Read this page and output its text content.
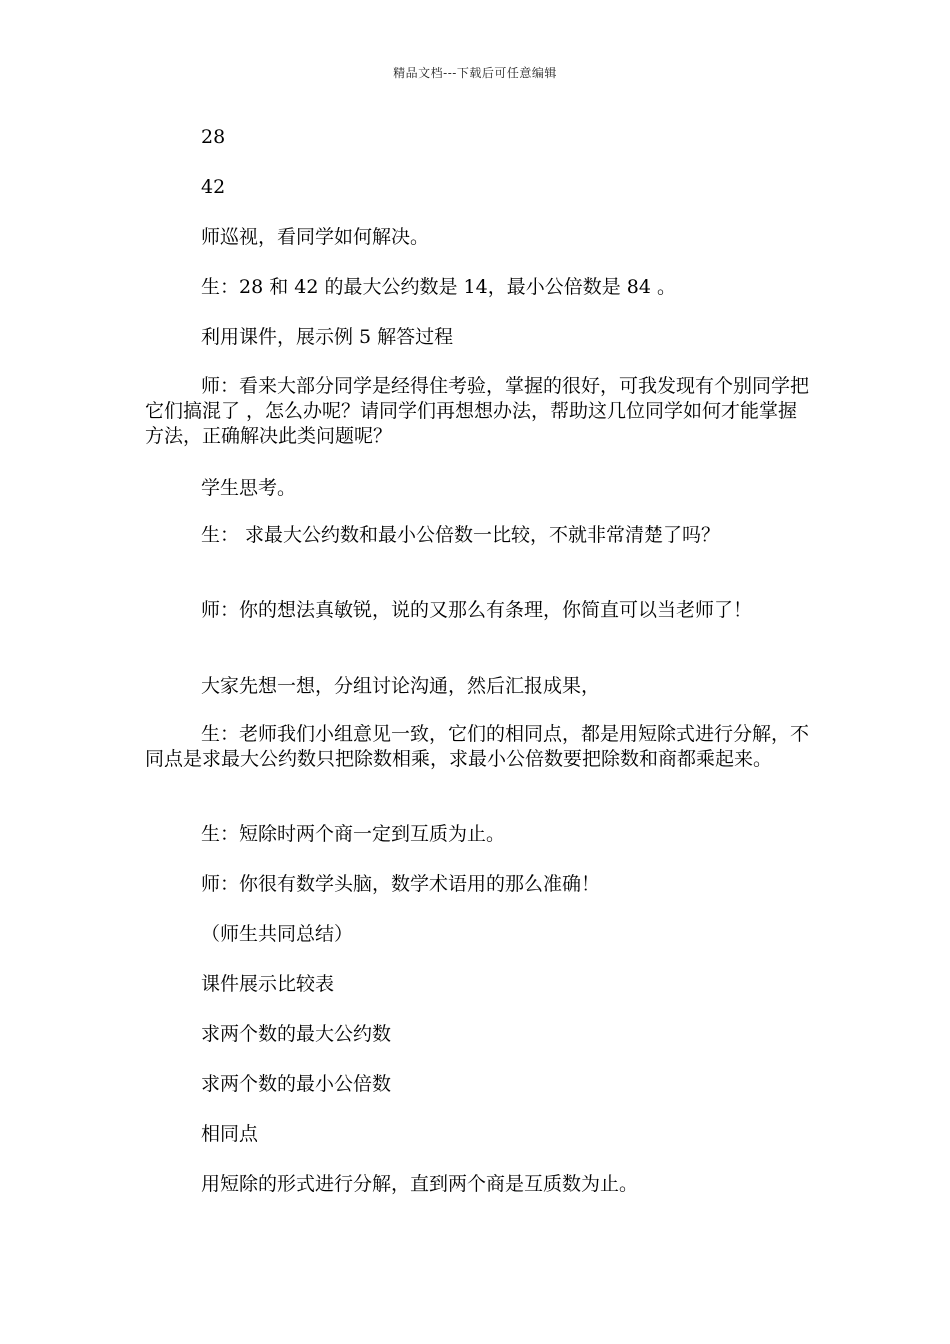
精品文档---下载后可任意编辑
28
42
师巡视，看同学如何解决。
生：28 和 42 的最大公约数是 14，最小公倍数是 84 。
利用课件，展示例 5 解答过程
师：看来大部分同学是经得住考验，掌握的很好，可我发现有个别同学把它们搞混了 ，怎么办呢？请同学们再想想办法，帮助这几位同学如何才能掌握方法，正确解决此类问题呢？
学生思考。
生： 求最大公约数和最小公倍数一比较，不就非常清楚了吗？
师：你的想法真敏锐，说的又那么有条理，你简直可以当老师了！
大家先想一想，分组讨论沟通，然后汇报成果，
生：老师我们小组意见一致，它们的相同点，都是用短除式进行分解，不同点是求最大公约数只把除数相乘，求最小公倍数要把除数和商都乘起来。
生：短除时两个商一定到互质为止。
师：你很有数学头脑，数学术语用的那么准确！
（师生共同总结）
课件展示比较表
求两个数的最大公约数
求两个数的最小公倍数
相同点
用短除的形式进行分解，直到两个商是互质数为止。
